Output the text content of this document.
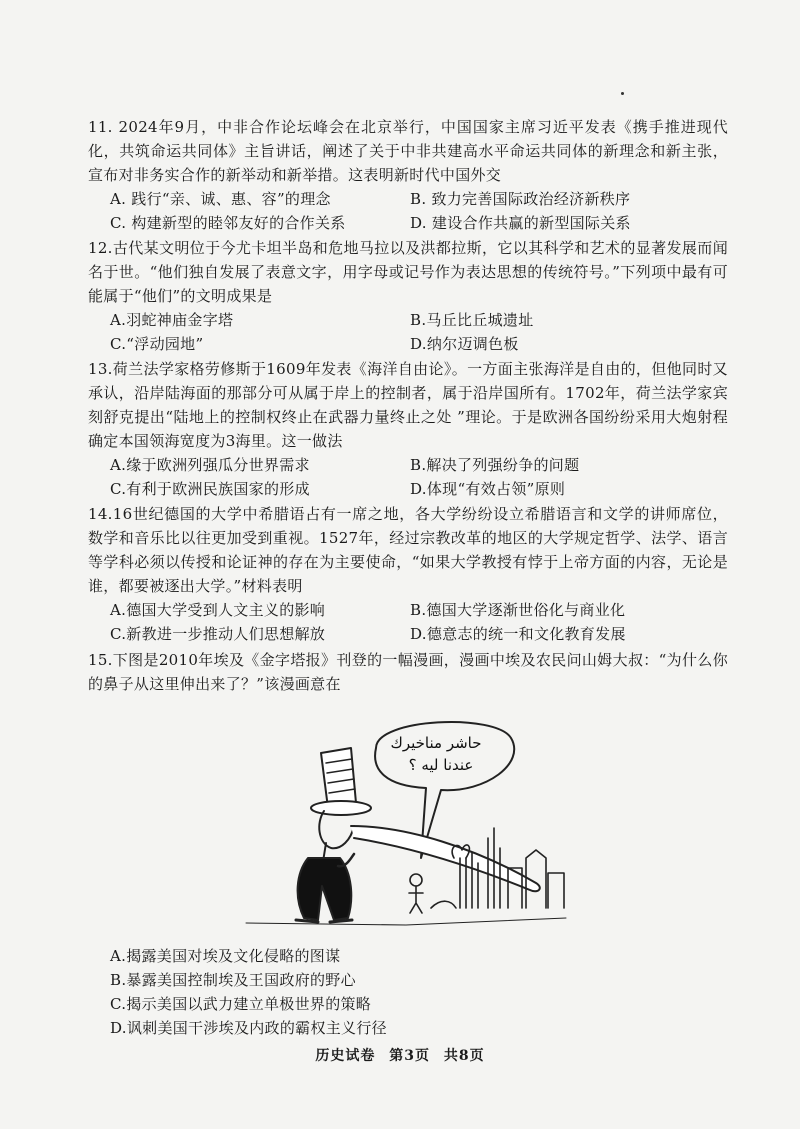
11. 2024年9月，中非合作论坛峰会在北京举行，中国国家主席习近平发表《携手推进现代化，共筑命运共同体》主旨讲话，阐述了关于中非共建高水平命运共同体的新理念和新主张，宣布对非务实合作的新举动和新举措。这表明新时代中国外交

A. 践行“亲、诚、惠、容”的理念	B. 致力完善国际政治经济新秩序
C. 构建新型的睦邻友好的合作关系	D. 建设合作共赢的新型国际关系

12.古代某文明位于今尤卡坦半岛和危地马拉以及洪都拉斯，它以其科学和艺术的显著发展而闻名于世。“他们独自发展了表意文字，用字母或记号作为表达思想的传统符号。”下列项中最有可能属于“他们”的文明成果是

A.羽蛇神庙金字塔	B.马丘比丘城遗址
C.“浮动园地”	D.纳尔迈调色板

13.荷兰法学家格劳修斯于1609年发表《海洋自由论》。一方面主张海洋是自由的，但他同时又承认，沿岸陆海面的那部分可从属于岸上的控制者，属于沿岸国所有。1702年，荷兰法学家宾刻舒克提出“陆地上的控制权终止在武器力量终止之处 ”理论。于是欧洲各国纷纷采用大炮射程确定本国领海宽度为3海里。这一做法

A.缘于欧洲列强瓜分世界需求	B.解决了列强纷争的问题
C.有利于欧洲民族国家的形成	D.体现“有效占领”原则

14.16世纪德国的大学中希腊语占有一席之地，各大学纷纷设立希腊语言和文学的讲师席位，数学和音乐比以往更加受到重视。1527年，经过宗教改革的地区的大学规定哲学、法学、语言等学科必须以传授和论证神的存在为主要使命，“如果大学教授有悖于上帝方面的内容，无论是谁，都要被逐出大学。”材料表明

A.德国大学受到人文主义的影响	B.德国大学逐渐世俗化与商业化
C.新教进一步推动人们思想解放	D.德意志的统一和文化教育发展

15.下图是2010年埃及《金字塔报》刊登的一幅漫画，漫画中埃及农民问山姆大叔：“为什么你的鼻子从这里伸出来了？”该漫画意在

حاشر مناخيرك
عندنا ليه ؟
A.揭露美国对埃及文化侵略的图谋
B.暴露美国控制埃及王国政府的野心
C.揭示美国以武力建立单极世界的策略
D.讽刺美国干涉埃及内政的霸权主义行径
历史试卷 第3页 共8页
